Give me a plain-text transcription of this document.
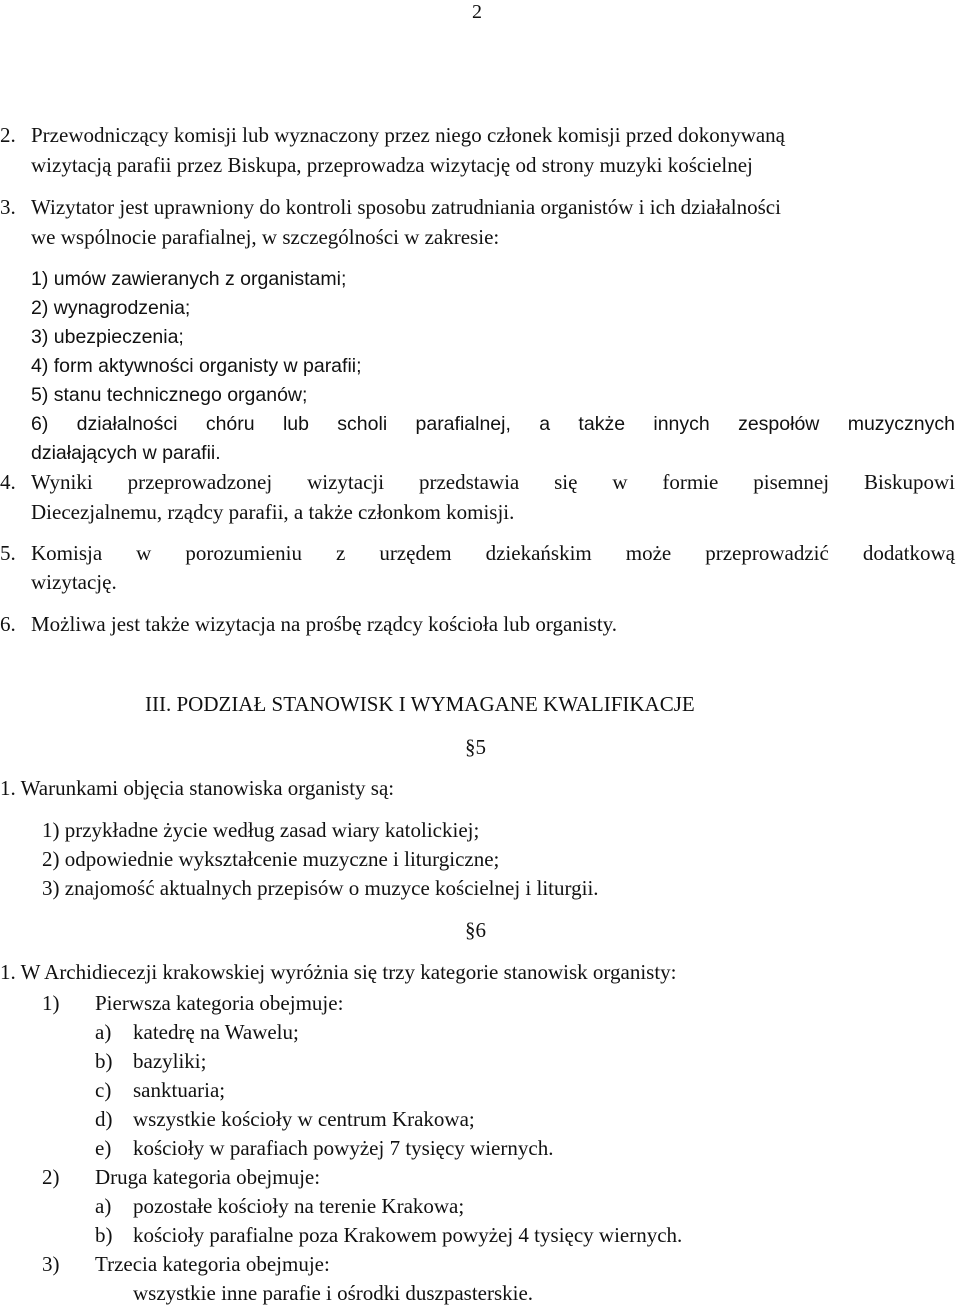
2
2. Przewodniczący komisji lub wyznaczony przez niego członek komisji przed dokonywaną
wizytacją parafii przez Biskupa, przeprowadza wizytację od strony muzyki kościelnej
3. Wizytator jest uprawniony do kontroli sposobu zatrudniania organistów i ich działalności
we wspólnocie parafialnej, w szczególności w zakresie:
1) umów zawieranych z organistami;
2) wynagrodzenia;
3) ubezpieczenia;
4) form aktywności organisty w parafii;
5) stanu technicznego organów;
6) działalności chóru lub scholi parafialnej, a także innych zespołów muzycznych
działających w parafii.
4. Wyniki przeprowadzonej wizytacji przedstawia się w formie pisemnej Biskupowi
Diecezjalnemu, rządcy parafii, a także członkom komisji.
5. Komisja w porozumieniu z urzędem dziekańskim może przeprowadzić dodatkową
wizytację.
6. Możliwa jest także wizytacja na prośbę rządcy kościoła lub organisty.
III. PODZIAŁ STANOWISK I WYMAGANE KWALIFIKACJE
§5
1. Warunkami objęcia stanowiska organisty są:
1) przykładne życie według zasad wiary katolickiej;
2) odpowiednie wykształcenie muzyczne i liturgiczne;
3) znajomość aktualnych przepisów o muzyce kościelnej i liturgii.
§6
1. W Archidiecezji krakowskiej wyróżnia się trzy kategorie stanowisk organisty:
1) Pierwsza kategoria obejmuje:
a) katedrę na Wawelu;
b) bazyliki;
c) sanktuaria;
d) wszystkie kościoły w centrum Krakowa;
e) kościoły w parafiach powyżej 7 tysięcy wiernych.
2) Druga kategoria obejmuje:
a) pozostałe kościoły na terenie Krakowa;
b) kościoły parafialne poza Krakowem powyżej 4 tysięcy wiernych.
3) Trzecia kategoria obejmuje:
wszystkie inne parafie i ośrodki duszpasterskie.
